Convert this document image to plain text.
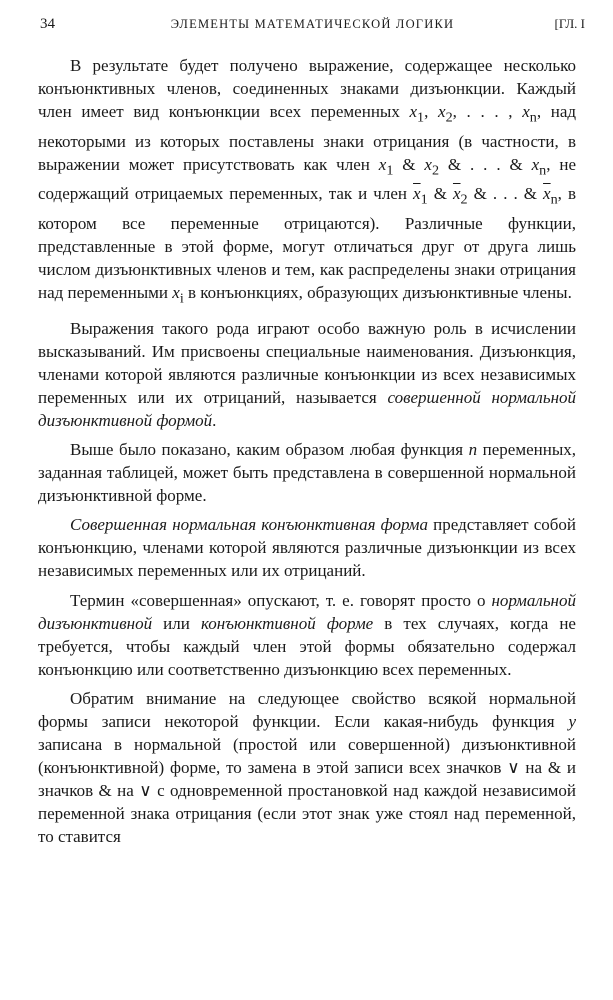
34	ЭЛЕМЕНТЫ МАТЕМАТИЧЕСКОЙ ЛОГИКИ	[ГЛ. I

В результате будет получено выражение, содержащее несколько конъюнктивных членов, соединенных знаками дизъюнкции. Каждый член имеет вид конъюнкции всех переменных $x_1$, $x_2$, . . . , $x_n$, над некоторыми из которых поставлены знаки отрицания (в частности, в выражении может присутствовать как член $x_1$ & $x_2$ & . . . & $x_n$, не содержащий отрицаемых переменных, так и член $\overline{x}_1$ & $\overline{x}_2$ & . . . & $\overline{x}_n$, в котором все переменные отрицаются). Различные функции, представленные в этой форме, могут отличаться друг от друга лишь числом дизъюнктивных членов и тем, как распределены знаки отрицания над переменными $x_i$ в конъюнкциях, образующих дизъюнктивные члены.

Выражения такого рода играют особо важную роль в исчислении высказываний. Им присвоены специальные наименования. Дизъюнкция, членами которой являются различные конъюнкции из всех независимых переменных или их отрицаний, называется совершенной нормальной дизъюнктивной формой.

Выше было показано, каким образом любая функция n переменных, заданная таблицей, может быть представлена в совершенной нормальной дизъюнктивной форме.

Совершенная нормальная конъюнктивная форма представляет собой конъюнкцию, членами которой являются различные дизъюнкции из всех независимых переменных или их отрицаний.

Термин «совершенная» опускают, т. е. говорят просто о нормальной дизъюнктивной или конъюнктивной форме в тех случаях, когда не требуется, чтобы каждый член этой формы обязательно содержал конъюнкцию или соответственно дизъюнкцию всех переменных.

Обратим внимание на следующее свойство всякой нормальной формы записи некоторой функции. Если какая-нибудь функция y записана в нормальной (простой или совершенной) дизъюнктивной (конъюнктивной) форме, то замена в этой записи всех значков ∨ на & и значков & на ∨ с одновременной простановкой над каждой независимой переменной знака отрицания (если этот знак уже стоял над переменной, то ставится
